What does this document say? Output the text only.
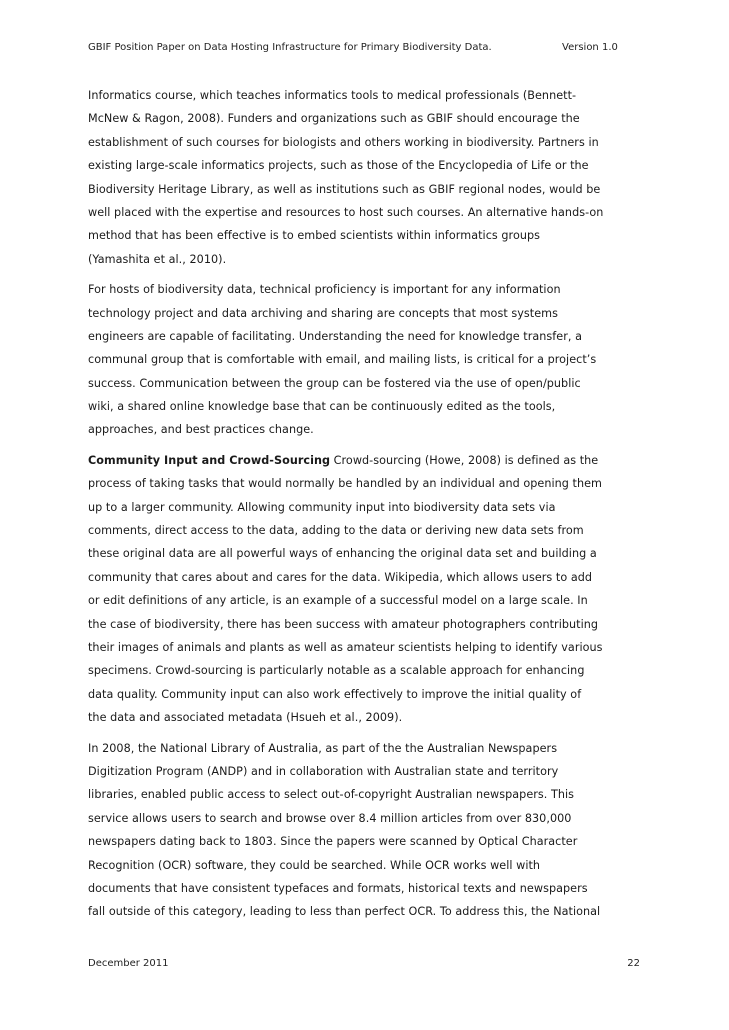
GBIF Position Paper on Data Hosting Infrastructure for Primary Biodiversity Data.	Version 1.0

Informatics course, which teaches informatics tools to medical professionals (Bennett-
McNew & Ragon, 2008). Funders and organizations such as GBIF should encourage the
establishment of such courses for biologists and others working in biodiversity. Partners in
existing large-scale informatics projects, such as those of the Encyclopedia of Life or the
Biodiversity Heritage Library, as well as institutions such as GBIF regional nodes, would be
well placed with the expertise and resources to host such courses. An alternative hands-on
method that has been effective is to embed scientists within informatics groups
(Yamashita et al., 2010).

For hosts of biodiversity data, technical proficiency is important for any information
technology project and data archiving and sharing are concepts that most systems
engineers are capable of facilitating. Understanding the need for knowledge transfer, a
communal group that is comfortable with email, and mailing lists, is critical for a project’s
success. Communication between the group can be fostered via the use of open/public
wiki, a shared online knowledge base that can be continuously edited as the tools,
approaches, and best practices change.

Community Input and Crowd-Sourcing Crowd-sourcing (Howe, 2008) is defined as the
process of taking tasks that would normally be handled by an individual and opening them
up to a larger community. Allowing community input into biodiversity data sets via
comments, direct access to the data, adding to the data or deriving new data sets from
these original data are all powerful ways of enhancing the original data set and building a
community that cares about and cares for the data. Wikipedia, which allows users to add
or edit definitions of any article, is an example of a successful model on a large scale. In
the case of biodiversity, there has been success with amateur photographers contributing
their images of animals and plants as well as amateur scientists helping to identify various
specimens. Crowd-sourcing is particularly notable as a scalable approach for enhancing
data quality. Community input can also work effectively to improve the initial quality of
the data and associated metadata (Hsueh et al., 2009).

In 2008, the National Library of Australia, as part of the the Australian Newspapers
Digitization Program (ANDP) and in collaboration with Australian state and territory
libraries, enabled public access to select out-of-copyright Australian newspapers. This
service allows users to search and browse over 8.4 million articles from over 830,000
newspapers dating back to 1803. Since the papers were scanned by Optical Character
Recognition (OCR) software, they could be searched. While OCR works well with
documents that have consistent typefaces and formats, historical texts and newspapers
fall outside of this category, leading to less than perfect OCR. To address this, the National

December 2011	22
